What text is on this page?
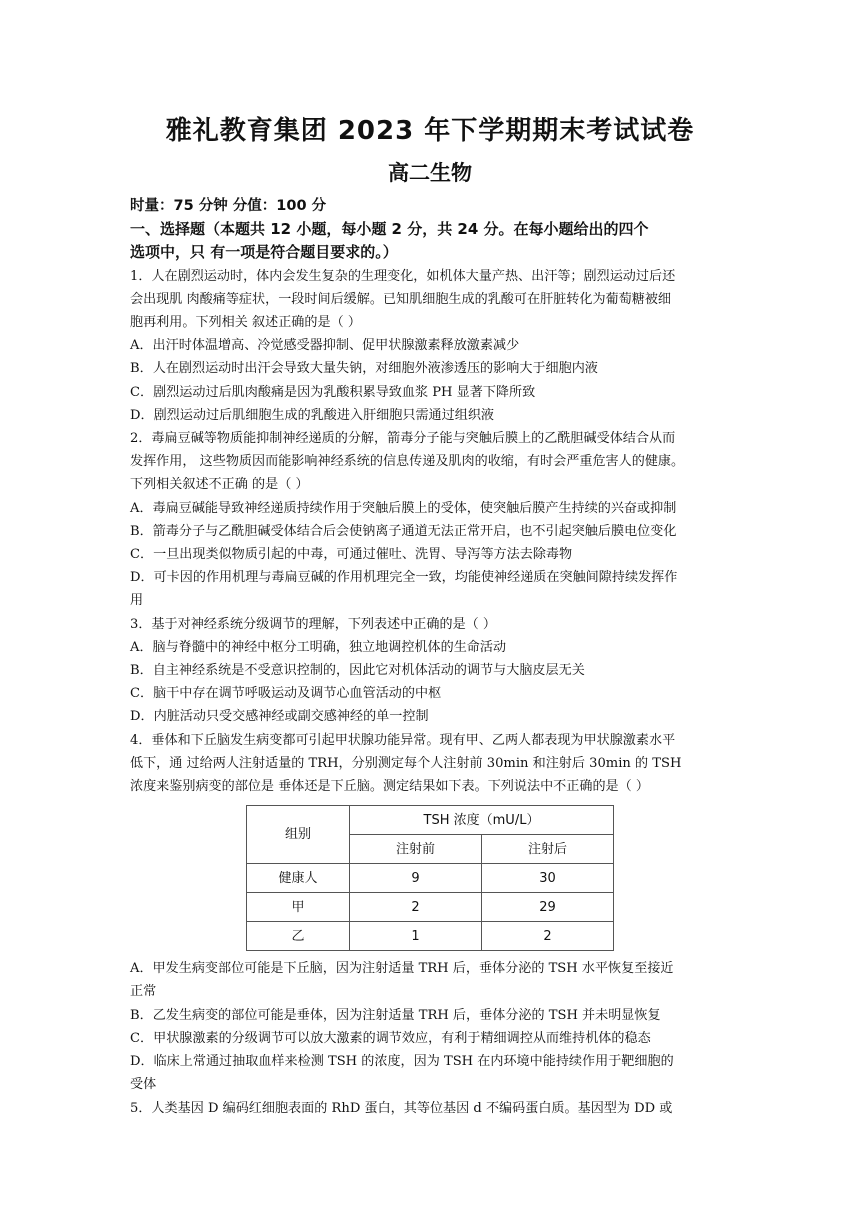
雅礼教育集团 2023 年下学期期末考试试卷
高二生物

时量：75 分钟 分值：100 分

一、选择题（本题共 12 小题，每小题 2 分，共 24 分。在每小题给出的四个

选项中，只 有一项是符合题目要求的。）

1．人在剧烈运动时，体内会发生复杂的生理变化，如机体大量产热、出汗等；剧烈运动过后还

会出现肌 肉酸痛等症状，一段时间后缓解。已知肌细胞生成的乳酸可在肝脏转化为葡萄糖被细

胞再利用。下列相关 叙述正确的是（ ）

A．出汗时体温增高、冷觉感受器抑制、促甲状腺激素释放激素减少

B．人在剧烈运动时出汗会导致大量失钠，对细胞外液渗透压的影响大于细胞内液

C．剧烈运动过后肌肉酸痛是因为乳酸积累导致血浆 PH 显著下降所致

D．剧烈运动过后肌细胞生成的乳酸进入肝细胞只需通过组织液

2．毒扁豆碱等物质能抑制神经递质的分解，箭毒分子能与突触后膜上的乙酰胆碱受体结合从而

发挥作用， 这些物质因而能影响神经系统的信息传递及肌肉的收缩，有时会严重危害人的健康。

下列相关叙述不正确 的是（ ）

A．毒扁豆碱能导致神经递质持续作用于突触后膜上的受体，使突触后膜产生持续的兴奋或抑制

B．箭毒分子与乙酰胆碱受体结合后会使钠离子通道无法正常开启，也不引起突触后膜电位变化

C．一旦出现类似物质引起的中毒，可通过催吐、洗胃、导泻等方法去除毒物

D．可卡因的作用机理与毒扁豆碱的作用机理完全一致，均能使神经递质在突触间隙持续发挥作

用

3．基于对神经系统分级调节的理解，下列表述中正确的是（ ）

A．脑与脊髓中的神经中枢分工明确，独立地调控机体的生命活动

B．自主神经系统是不受意识控制的，因此它对机体活动的调节与大脑皮层无关

C．脑干中存在调节呼吸运动及调节心血管活动的中枢

D．内脏活动只受交感神经或副交感神经的单一控制

4．垂体和下丘脑发生病变都可引起甲状腺功能异常。现有甲、乙两人都表现为甲状腺激素水平

低下，通 过给两人注射适量的 TRH，分别测定每个人注射前 30min 和注射后 30min 的 TSH

浓度来鉴别病变的部位是 垂体还是下丘脑。测定结果如下表。下列说法中不正确的是（ ）

组别	TSH 浓度（mU/L）	
	注射前	注射后
健康人	9	30
甲	2	29
乙	1	2

A．甲发生病变部位可能是下丘脑，因为注射适量 TRH 后，垂体分泌的 TSH 水平恢复至接近

正常

B．乙发生病变的部位可能是垂体，因为注射适量 TRH 后，垂体分泌的 TSH 并未明显恢复

C．甲状腺激素的分级调节可以放大激素的调节效应，有利于精细调控从而维持机体的稳态

D．临床上常通过抽取血样来检测 TSH 的浓度，因为 TSH 在内环境中能持续作用于靶细胞的

受体

5．人类基因 D 编码红细胞表面的 RhD 蛋白，其等位基因 d 不编码蛋白质。基因型为 DD 或
